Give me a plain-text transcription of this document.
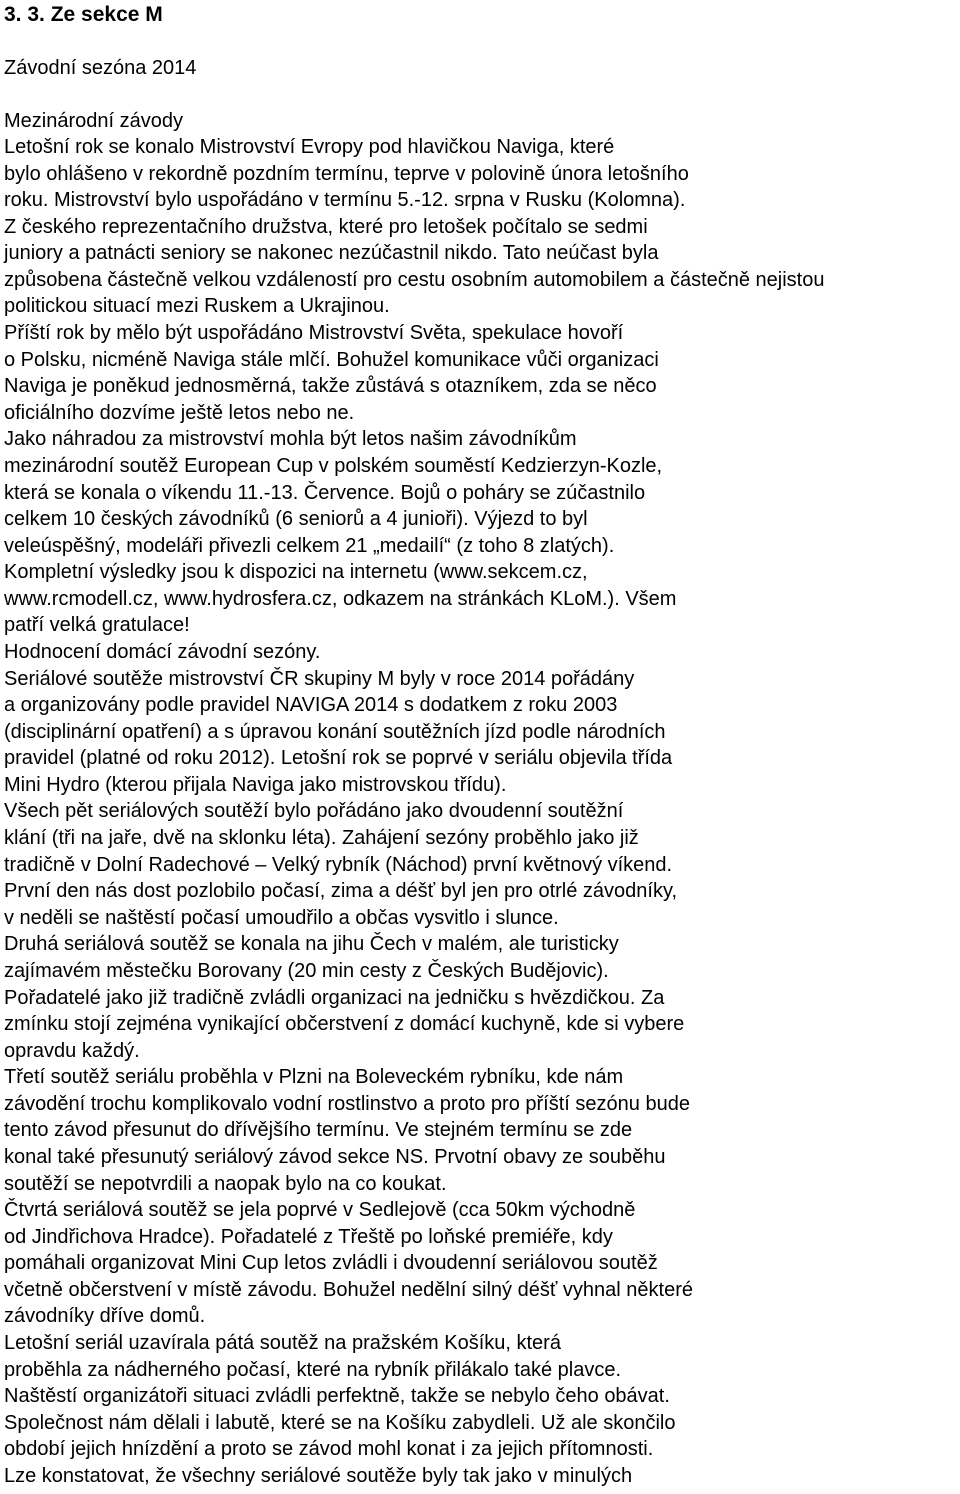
3. 3. Ze sekce M
Závodní sezóna 2014
Mezinárodní závody
Letošní rok se konalo Mistrovství Evropy pod hlavičkou Naviga, které
bylo ohlášeno v rekordně pozdním termínu, teprve v polovině února letošního
roku. Mistrovství bylo uspořádáno v termínu 5.-12. srpna v Rusku (Kolomna).
Z českého reprezentačního družstva, které pro letošek počítalo se sedmi
juniory a patnácti seniory se nakonec nezúčastnil nikdo. Tato neúčast byla
způsobena částečně velkou vzdáleností pro cestu osobním automobilem a částečně nejistou
politickou situací mezi Ruskem a Ukrajinou.
Příští rok by mělo být uspořádáno Mistrovství Světa, spekulace hovoří
o Polsku, nicméně Naviga stále mlčí. Bohužel komunikace vůči organizaci
Naviga je poněkud jednosměrná, takže zůstává s otazníkem, zda se něco
oficiálního dozvíme ještě letos nebo ne.
Jako náhradou za mistrovství mohla být letos našim závodníkům
mezinárodní soutěž European Cup v polském souměstí Kedzierzyn-Kozle,
která se konala o víkendu 11.-13. Července. Bojů o poháry se zúčastnilo
celkem 10 českých závodníků (6 seniorů a 4 junioři). Výjezd to byl
veleúspěšný, modeláři přivezli celkem 21 „medailí“ (z toho 8 zlatých).
Kompletní výsledky jsou k dispozici na internetu (www.sekcem.cz,
www.rcmodell.cz, www.hydrosfera.cz, odkazem na stránkách KLoM.). Všem
patří velká gratulace!
Hodnocení domácí závodní sezóny.
Seriálové soutěže mistrovství ČR skupiny M byly v roce 2014 pořádány
a organizovány podle pravidel NAVIGA 2014 s dodatkem z roku 2003
(disciplinární opatření) a s úpravou konání soutěžních jízd podle národních
pravidel (platné od roku 2012). Letošní rok se poprvé v seriálu objevila třída
Mini Hydro (kterou přijala Naviga jako mistrovskou třídu).
Všech pět seriálových soutěží bylo pořádáno jako dvoudenní soutěžní
klání (tři na jaře, dvě na sklonku léta). Zahájení sezóny proběhlo jako již
tradičně v Dolní Radechové – Velký rybník (Náchod) první květnový víkend.
První den nás dost pozlobilo počasí, zima a déšť byl jen pro otrlé závodníky,
v neděli se naštěstí počasí umoudřilo a občas vysvitlo i slunce.
Druhá seriálová soutěž se konala na jihu Čech v malém, ale turisticky
zajímavém městečku Borovany (20 min cesty z Českých Budějovic).
Pořadatelé jako již tradičně zvládli organizaci na jedničku s hvězdičkou. Za
zmínku stojí zejména vynikající občerstvení z domácí kuchyně, kde si vybere
opravdu každý.
Třetí soutěž seriálu proběhla v Plzni na Boleveckém rybníku, kde nám
závodění trochu komplikovalo vodní rostlinstvo a proto pro příští sezónu bude
tento závod přesunut do dřívějšího termínu. Ve stejném termínu se zde
konal také přesunutý seriálový závod sekce NS. Prvotní obavy ze souběhu
soutěží se nepotvrdili a naopak bylo na co koukat.
Čtvrtá seriálová soutěž se jela poprvé v Sedlejově (cca 50km východně
od Jindřichova Hradce). Pořadatelé z Třeště po loňské premiéře, kdy
pomáhali organizovat Mini Cup letos zvládli i dvoudenní seriálovou soutěž
včetně občerstvení v místě závodu. Bohužel nedělní silný déšť vyhnal některé
závodníky dříve domů.
Letošní seriál uzavírala pátá soutěž na pražském Košíku, která
proběhla za nádherného počasí, které na rybník přilákalo také plavce.
Naštěstí organizátoři situaci zvládli perfektně, takže se nebylo čeho obávat.
Společnost nám dělali i labutě, které se na Košíku zabydleli. Už ale skončilo
období jejich hnízdění a proto se závod mohl konat i za jejich přítomnosti.
Lze konstatovat, že všechny seriálové soutěže byly tak jako v minulých
